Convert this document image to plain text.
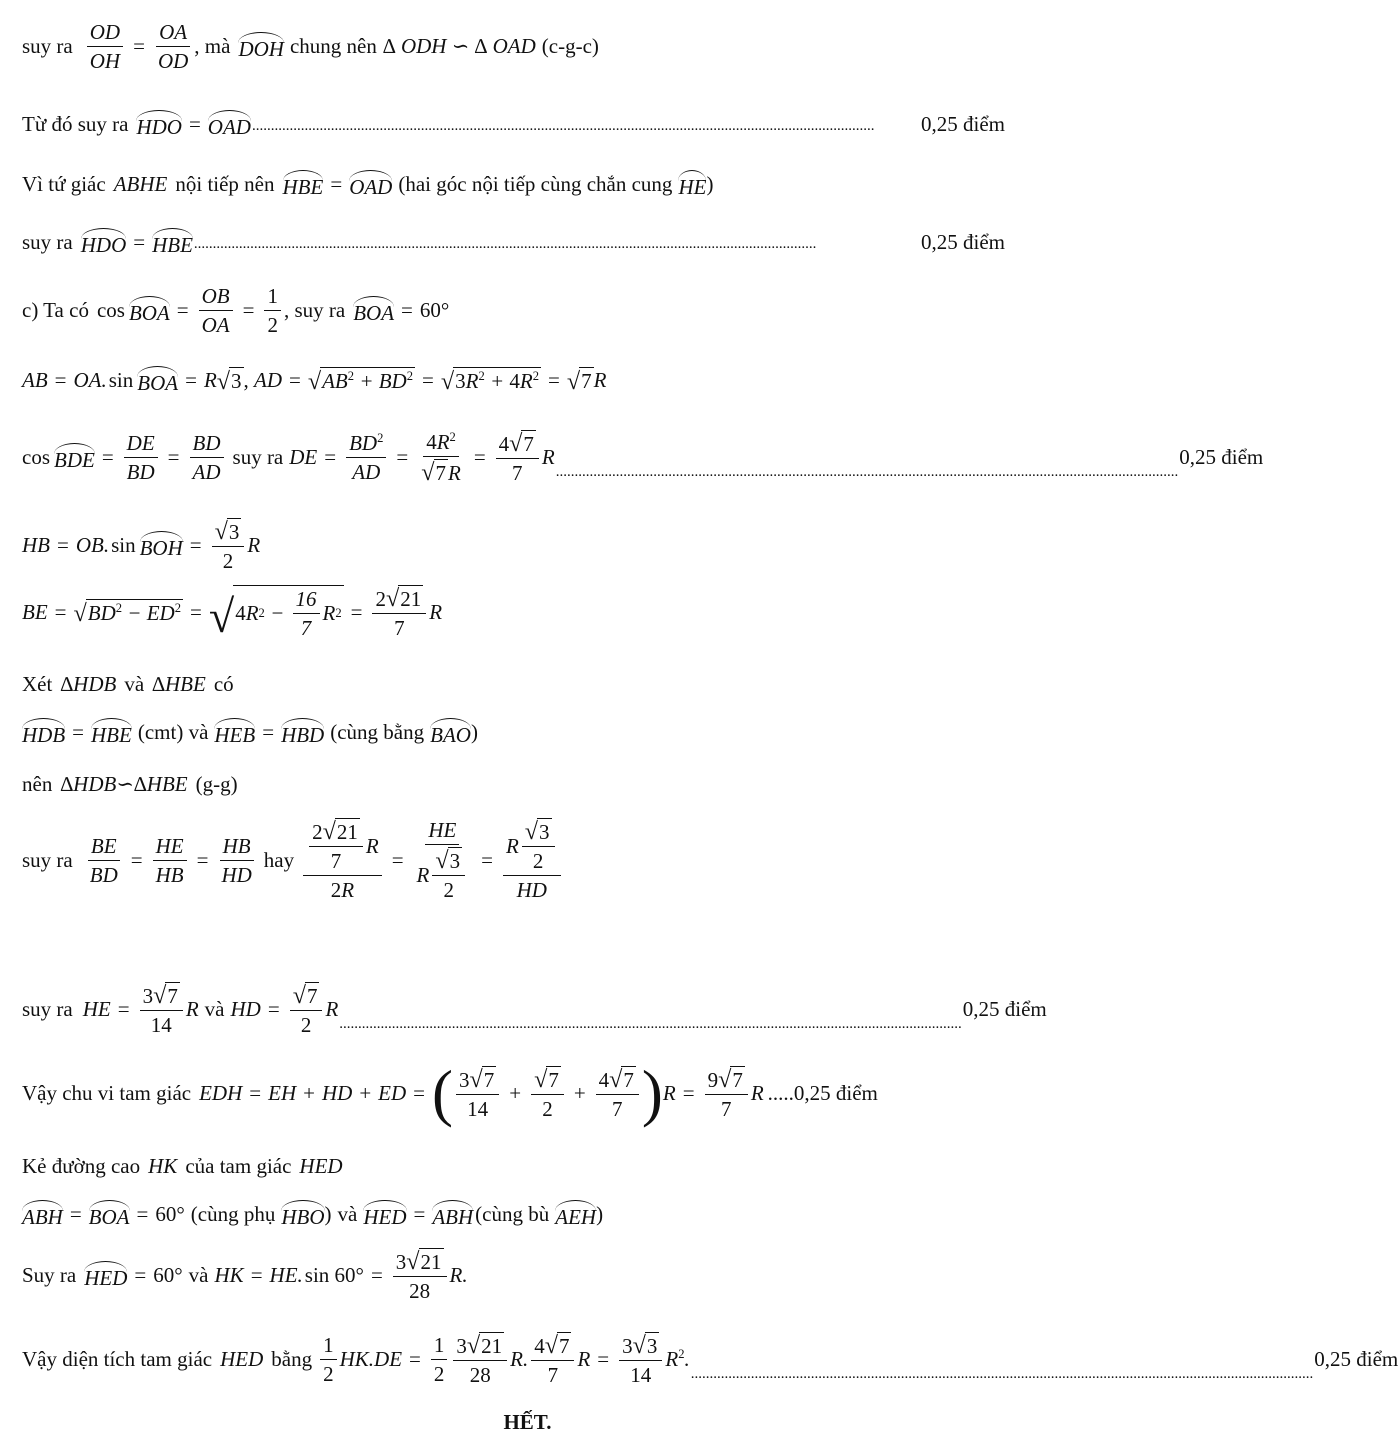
suy ra $\frac{OD}{OH} = \frac{OA}{OD}$ , mà DOH chung nên ∆ ODH ∽ ∆ OAD (c-g-c)
Từ đó suy ra HDO = OAD ......................................................................................................................................................................	0,25 điểm
Vì tứ giác ABHE nội tiếp nên HBE = OAD (hai góc nội tiếp cùng chắn cung HE )
suy ra HDO = HBE ......................................................................................................................................................................	0,25 điểm
c) Ta có cos BOA = $\frac{OB}{OA} = \frac{1}{2}$ , suy ra BOA = 60°
AB = OA. sin BOA = R √ 3 , AD = √ $AB^2 + BD^2$ = √ $3R^2 + 4R^2$ = √ 7 R
cos BDE = $\frac{DE}{BD} = \frac{BD}{AD}$ suy ra DE = $\frac{BD^2}{AD} = \frac{4R^2}{√ 7 R} = \frac{4 √ 7}{7}$ R
......................................................................................................................................................................
0,25 điểm
HB = OB. sin BOH = $\frac{√ 3}{2}$ R
BE = √ $BD^2 - ED^2$ = √ 4 R $2 - \frac{16}{7}$ R $2 = \frac{2 √ 21}{7}$ R
Xét ∆HDB và ∆HBE có
HDB = HBE (cmt) và HEB = HBD (cùng bằng BAO )
nên ∆HDB∽∆HBE (g-g)
suy ra $\frac{BE}{BD} = \frac{HE}{HB} = \frac{HB}{HD}$ hay $\frac{\frac{2 √ 21}{7} R}{2R} = \frac{HE}{R \frac{√ 3}{2}} = \frac{R \frac{√ 3}{2}}{HD}$
suy ra HE = $\frac{3 √ 7}{14}$ R và HD = $\frac{√ 7}{2}$ R
......................................................................................................................................................................
0,25 điểm
Vậy chu vi tam giác EDH = EH + HD + ED = ( $\frac{3 √ 7}{14} + \frac{√ 7}{2} + \frac{4 √ 7}{7}$ ) $R = \frac{9 √ 7}{7}$ R ..... 0,25 điểm
Kẻ đường cao HK của tam giác HED
ABH = BOA = 60° (cùng phụ HBO ) và HED = ABH (cùng bù AEH )
Suy ra HED = 60° và HK = HE. $\sin 60^\circ = \frac{3 √ 21}{28} R$.
Vậy diện tích tam giác HED bằng $\frac{1}{2} HK.DE = \frac{1}{2} \frac{3 √ 21}{28} R$. $\frac{4 √ 7}{7}$ $R = \frac{3 √ 3}{14} R^2$.
......................................................................................................................................................................
0,25 điểm
HẾT.
